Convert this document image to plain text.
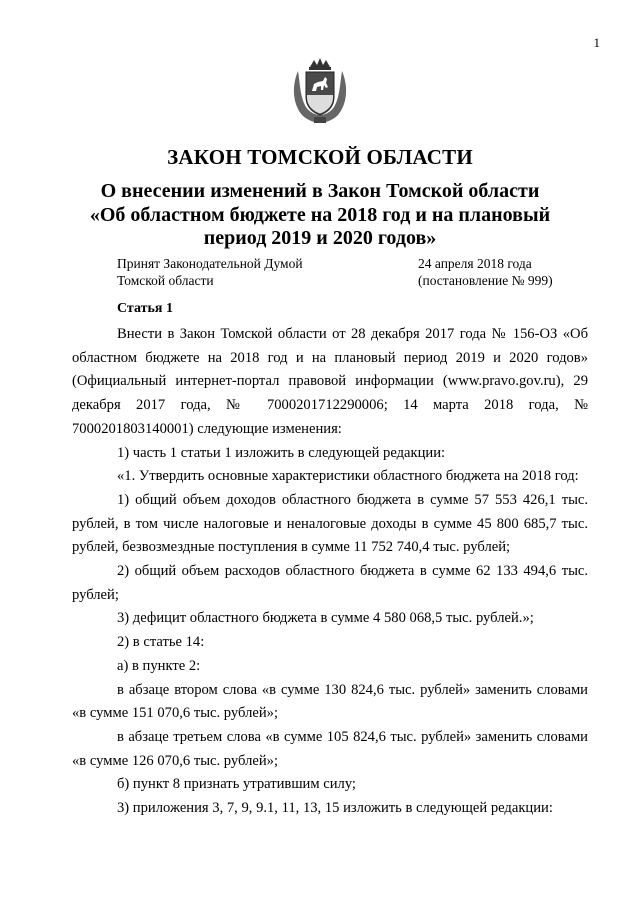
1
ЗАКОН ТОМСКОЙ ОБЛАСТИ
О внесении изменений в Закон Томской области
«Об областном бюджете на 2018 год и на плановый
период 2019 и 2020 годов»
Принят Законодательной Думой
Томской области
24 апреля 2018 года
(постановление № 999)
Статья 1

Внести в Закон Томской области от 28 декабря 2017 года № 156-ОЗ «Об областном бюджете на 2018 год и на плановый период 2019 и 2020 годов» (Официальный интернет-портал правовой информации (www.pravo.gov.ru), 29 декабря 2017 года, № 7000201712290006; 14 марта 2018 года, № 7000201803140001) следующие изменения:

1) часть 1 статьи 1 изложить в следующей редакции:

«1. Утвердить основные характеристики областного бюджета на 2018 год:

1) общий объем доходов областного бюджета в сумме 57 553 426,1 тыс. рублей, в том числе налоговые и неналоговые доходы в сумме 45 800 685,7 тыс. рублей, безвозмездные поступления в сумме 11 752 740,4 тыс. рублей;

2) общий объем расходов областного бюджета в сумме 62 133 494,6 тыс. рублей;

3) дефицит областного бюджета в сумме 4 580 068,5 тыс. рублей.»;

2) в статье 14:

а) в пункте 2:

в абзаце втором слова «в сумме 130 824,6 тыс. рублей» заменить словами «в сумме 151 070,6 тыс. рублей»;

в абзаце третьем слова «в сумме 105 824,6 тыс. рублей» заменить словами «в сумме 126 070,6 тыс. рублей»;

б) пункт 8 признать утратившим силу;

3) приложения 3, 7, 9, 9.1, 11, 13, 15 изложить в следующей редакции:
